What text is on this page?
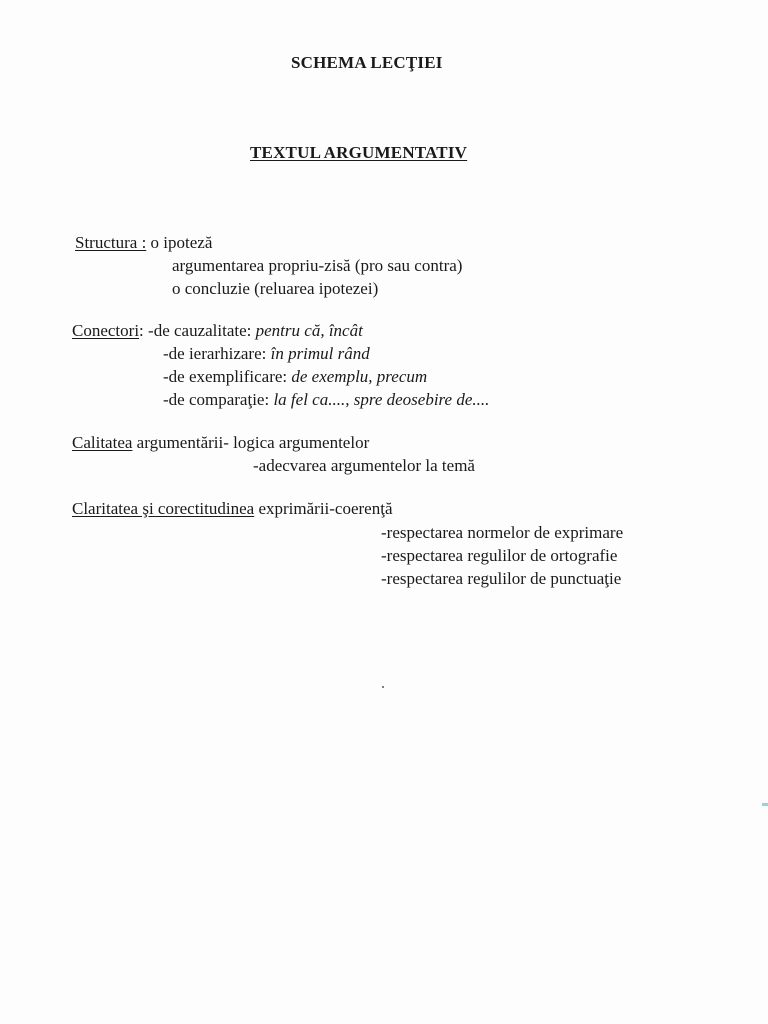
SCHEMA LECŢIEI
TEXTUL ARGUMENTATIV
Structura : o ipoteză
argumentarea propriu-zisă (pro sau contra)
o concluzie (reluarea ipotezei)
Conectori: -de cauzalitate: pentru că, încât
-de ierarhizare: în primul rând
-de exemplificare: de exemplu, precum
-de comparaţie: la fel ca...., spre deosebire de....
Calitatea argumentării- logica argumentelor
-adecvarea argumentelor la temă
Claritatea şi corectitudinea exprimării-coerenţă
-respectarea normelor de exprimare
-respectarea regulilor de ortografie
-respectarea regulilor de punctuaţie
